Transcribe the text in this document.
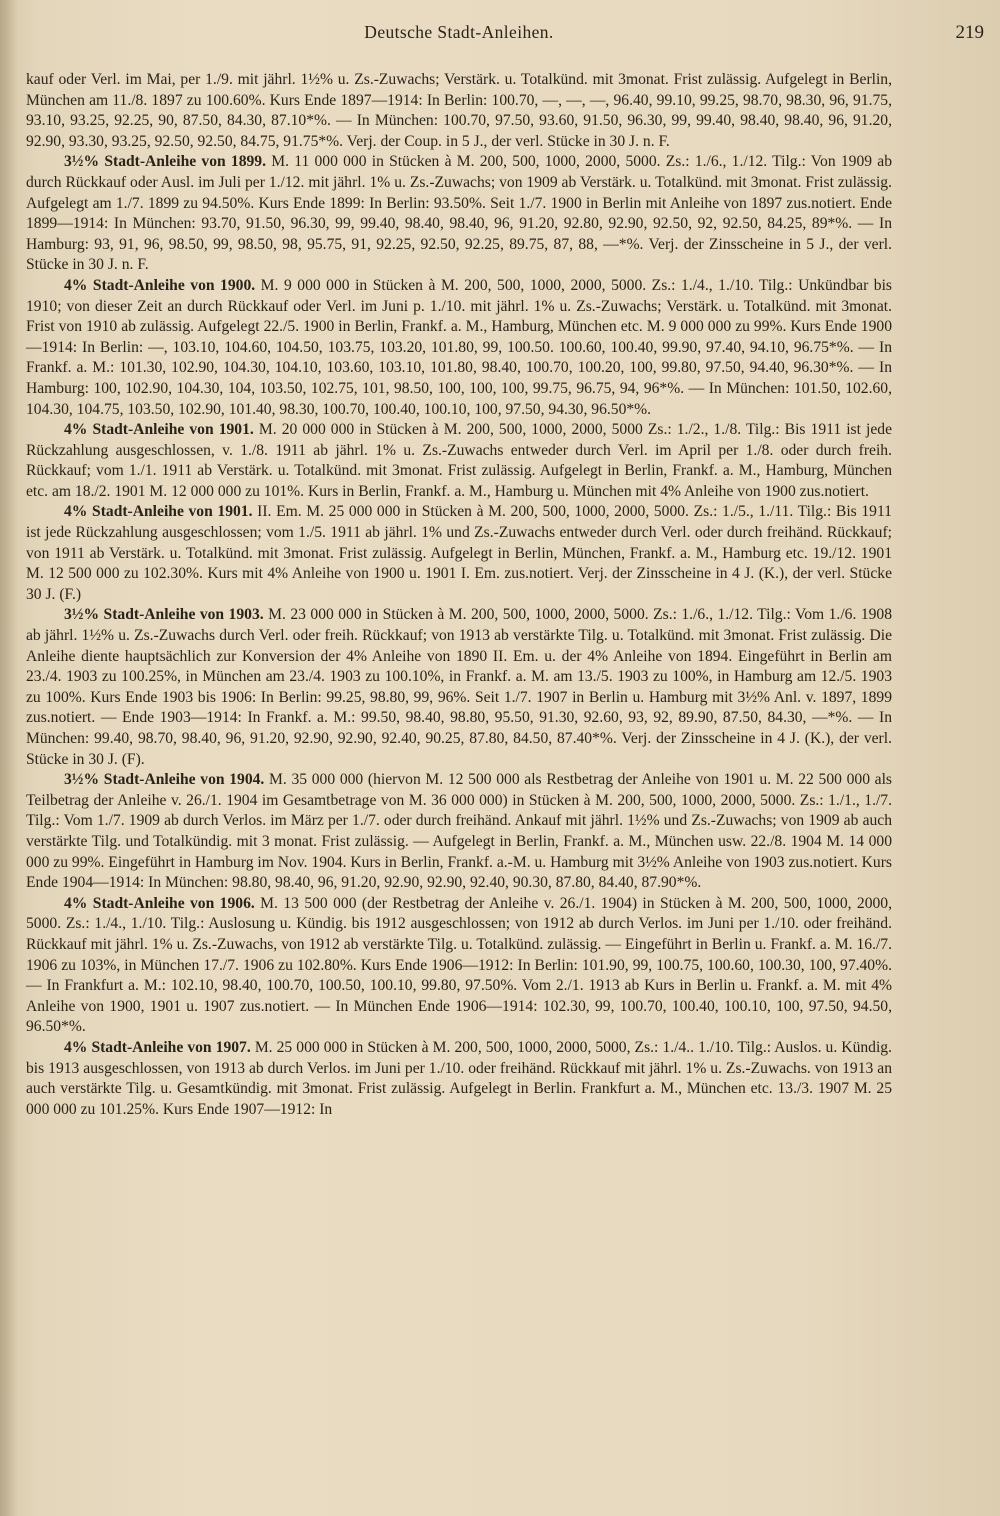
Deutsche Stadt-Anleihen.	219

kauf oder Verl. im Mai, per 1./9. mit jährl. 1½% u. Zs.-Zuwachs; Verstärk. u. Totalkünd. mit 3monat. Frist zulässig. Aufgelegt in Berlin, München am 11./8. 1897 zu 100.60%. Kurs Ende 1897—1914: In Berlin: 100.70, —, —, —, 96.40, 99.10, 99.25, 98.70, 98.30, 96, 91.75, 93.10, 93.25, 92.25, 90, 87.50, 84.30, 87.10*%. — In München: 100.70, 97.50, 93.60, 91.50, 96.30, 99, 99.40, 98.40, 98.40, 96, 91.20, 92.90, 93.30, 93.25, 92.50, 92.50, 84.75, 91.75*%. Verj. der Coup. in 5 J., der verl. Stücke in 30 J. n. F.

3½% Stadt-Anleihe von 1899. M. 11 000 000 in Stücken à M. 200, 500, 1000, 2000, 5000. Zs.: 1./6., 1./12. Tilg.: Von 1909 ab durch Rückkauf oder Ausl. im Juli per 1./12. mit jährl. 1% u. Zs.-Zuwachs; von 1909 ab Verstärk. u. Totalkünd. mit 3monat. Frist zulässig. Aufgelegt am 1./7. 1899 zu 94.50%. Kurs Ende 1899: In Berlin: 93.50%. Seit 1./7. 1900 in Berlin mit Anleihe von 1897 zus.notiert. Ende 1899—1914: In München: 93.70, 91.50, 96.30, 99, 99.40, 98.40, 98.40, 96, 91.20, 92.80, 92.90, 92.50, 92, 92.50, 84.25, 89*%. — In Hamburg: 93, 91, 96, 98.50, 99, 98.50, 98, 95.75, 91, 92.25, 92.50, 92.25, 89.75, 87, 88, —*%. Verj. der Zinsscheine in 5 J., der verl. Stücke in 30 J. n. F.

4% Stadt-Anleihe von 1900. M. 9 000 000 in Stücken à M. 200, 500, 1000, 2000, 5000. Zs.: 1./4., 1./10. Tilg.: Unkündbar bis 1910; von dieser Zeit an durch Rückkauf oder Verl. im Juni p. 1./10. mit jährl. 1% u. Zs.-Zuwachs; Verstärk. u. Totalkünd. mit 3monat. Frist von 1910 ab zulässig. Aufgelegt 22./5. 1900 in Berlin, Frankf. a. M., Hamburg, München etc. M. 9 000 000 zu 99%. Kurs Ende 1900—1914: In Berlin: —, 103.10, 104.60, 104.50, 103.75, 103.20, 101.80, 99, 100.50. 100.60, 100.40, 99.90, 97.40, 94.10, 96.75*%. — In Frankf. a. M.: 101.30, 102.90, 104.30, 104.10, 103.60, 103.10, 101.80, 98.40, 100.70, 100.20, 100, 99.80, 97.50, 94.40, 96.30*%. — In Hamburg: 100, 102.90, 104.30, 104, 103.50, 102.75, 101, 98.50, 100, 100, 100, 99.75, 96.75, 94, 96*%. — In München: 101.50, 102.60, 104.30, 104.75, 103.50, 102.90, 101.40, 98.30, 100.70, 100.40, 100.10, 100, 97.50, 94.30, 96.50*%.

4% Stadt-Anleihe von 1901. M. 20 000 000 in Stücken à M. 200, 500, 1000, 2000, 5000 Zs.: 1./2., 1./8. Tilg.: Bis 1911 ist jede Rückzahlung ausgeschlossen, v. 1./8. 1911 ab jährl. 1% u. Zs.-Zuwachs entweder durch Verl. im April per 1./8. oder durch freih. Rückkauf; vom 1./1. 1911 ab Verstärk. u. Totalkünd. mit 3monat. Frist zulässig. Aufgelegt in Berlin, Frankf. a. M., Hamburg, München etc. am 18./2. 1901 M. 12 000 000 zu 101%. Kurs in Berlin, Frankf. a. M., Hamburg u. München mit 4% Anleihe von 1900 zus.notiert.

4% Stadt-Anleihe von 1901. II. Em. M. 25 000 000 in Stücken à M. 200, 500, 1000, 2000, 5000. Zs.: 1./5., 1./11. Tilg.: Bis 1911 ist jede Rückzahlung ausgeschlossen; vom 1./5. 1911 ab jährl. 1% und Zs.-Zuwachs entweder durch Verl. oder durch freihänd. Rückkauf; von 1911 ab Verstärk. u. Totalkünd. mit 3monat. Frist zulässig. Aufgelegt in Berlin, München, Frankf. a. M., Hamburg etc. 19./12. 1901 M. 12 500 000 zu 102.30%. Kurs mit 4% Anleihe von 1900 u. 1901 I. Em. zus.notiert. Verj. der Zinsscheine in 4 J. (K.), der verl. Stücke 30 J. (F.)

3½% Stadt-Anleihe von 1903. M. 23 000 000 in Stücken à M. 200, 500, 1000, 2000, 5000. Zs.: 1./6., 1./12. Tilg.: Vom 1./6. 1908 ab jährl. 1½% u. Zs.-Zuwachs durch Verl. oder freih. Rückkauf; von 1913 ab verstärkte Tilg. u. Totalkünd. mit 3monat. Frist zulässig. Die Anleihe diente hauptsächlich zur Konversion der 4% Anleihe von 1890 II. Em. u. der 4% Anleihe von 1894. Eingeführt in Berlin am 23./4. 1903 zu 100.25%, in München am 23./4. 1903 zu 100.10%, in Frankf. a. M. am 13./5. 1903 zu 100%, in Hamburg am 12./5. 1903 zu 100%. Kurs Ende 1903 bis 1906: In Berlin: 99.25, 98.80, 99, 96%. Seit 1./7. 1907 in Berlin u. Hamburg mit 3½% Anl. v. 1897, 1899 zus.notiert. — Ende 1903—1914: In Frankf. a. M.: 99.50, 98.40, 98.80, 95.50, 91.30, 92.60, 93, 92, 89.90, 87.50, 84.30, —*%. — In München: 99.40, 98.70, 98.40, 96, 91.20, 92.90, 92.90, 92.40, 90.25, 87.80, 84.50, 87.40*%. Verj. der Zinsscheine in 4 J. (K.), der verl. Stücke in 30 J. (F).

3½% Stadt-Anleihe von 1904. M. 35 000 000 (hiervon M. 12 500 000 als Restbetrag der Anleihe von 1901 u. M. 22 500 000 als Teilbetrag der Anleihe v. 26./1. 1904 im Gesamtbetrage von M. 36 000 000) in Stücken à M. 200, 500, 1000, 2000, 5000. Zs.: 1./1., 1./7. Tilg.: Vom 1./7. 1909 ab durch Verlos. im März per 1./7. oder durch freihänd. Ankauf mit jährl. 1½% und Zs.-Zuwachs; von 1909 ab auch verstärkte Tilg. und Totalkündig. mit 3 monat. Frist zulässig. — Aufgelegt in Berlin, Frankf. a. M., München usw. 22./8. 1904 M. 14 000 000 zu 99%. Eingeführt in Hamburg im Nov. 1904. Kurs in Berlin, Frankf. a.-M. u. Hamburg mit 3½% Anleihe von 1903 zus.notiert. Kurs Ende 1904—1914: In München: 98.80, 98.40, 96, 91.20, 92.90, 92.90, 92.40, 90.30, 87.80, 84.40, 87.90*%.

4% Stadt-Anleihe von 1906. M. 13 500 000 (der Restbetrag der Anleihe v. 26./1. 1904) in Stücken à M. 200, 500, 1000, 2000, 5000. Zs.: 1./4., 1./10. Tilg.: Auslosung u. Kündig. bis 1912 ausgeschlossen; von 1912 ab durch Verlos. im Juni per 1./10. oder freihänd. Rückkauf mit jährl. 1% u. Zs.-Zuwachs, von 1912 ab verstärkte Tilg. u. Totalkünd. zulässig. — Eingeführt in Berlin u. Frankf. a. M. 16./7. 1906 zu 103%, in München 17./7. 1906 zu 102.80%. Kurs Ende 1906—1912: In Berlin: 101.90, 99, 100.75, 100.60, 100.30, 100, 97.40%. — In Frankfurt a. M.: 102.10, 98.40, 100.70, 100.50, 100.10, 99.80, 97.50%. Vom 2./1. 1913 ab Kurs in Berlin u. Frankf. a. M. mit 4% Anleihe von 1900, 1901 u. 1907 zus.notiert. — In München Ende 1906—1914: 102.30, 99, 100.70, 100.40, 100.10, 100, 97.50, 94.50, 96.50*%.

4% Stadt-Anleihe von 1907. M. 25 000 000 in Stücken à M. 200, 500, 1000, 2000, 5000, Zs.: 1./4.. 1./10. Tilg.: Auslos. u. Kündig. bis 1913 ausgeschlossen, von 1913 ab durch Verlos. im Juni per 1./10. oder freihänd. Rückkauf mit jährl. 1% u. Zs.-Zuwachs. von 1913 an auch verstärkte Tilg. u. Gesamtkündig. mit 3monat. Frist zulässig. Aufgelegt in Berlin. Frankfurt a. M., München etc. 13./3. 1907 M. 25 000 000 zu 101.25%. Kurs Ende 1907—1912: In
